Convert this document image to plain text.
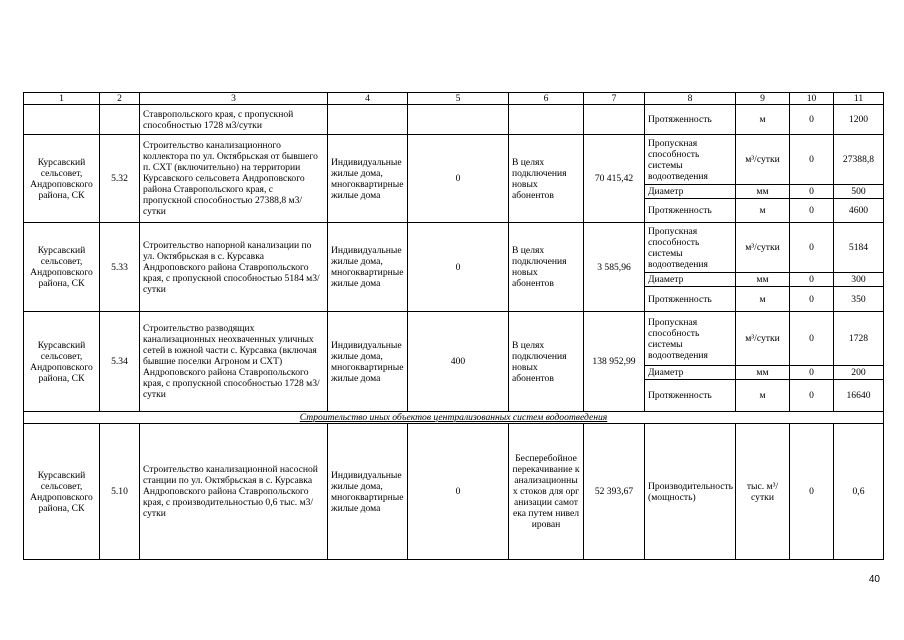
1	2	3	4	5	6	7	8	9	10	11
		Ставропольского края, с пропускной способностью 1728 м3/сутки					Протяженность	м	0	1200
Курсавский сельсовет, Андроповского района, СК	5.32	Строительство канализационного коллектора по ул. Октябрьская от бывшего п. СХТ (включительно) на территории Курсавского сельсовета Андроповского района Ставропольского края, с пропускной способностью 27388,8 м3/сутки	Индивидуальные жилые дома, многоквартирные жилые дома	0	В целях подключения новых абонентов	70 415,42	Пропускная способность системы водоотведения	м³/сутки	0	27388,8
							Диаметр	мм	0	500
							Протяженность	м	0	4600
Курсавский сельсовет, Андроповского района, СК	5.33	Строительство напорной канализации по ул. Октябрьская в с. Курсавка Андроповского района Ставропольского края, с пропускной способностью 5184 м3/сутки	Индивидуальные жилые дома, многоквартирные жилые дома	0	В целях подключения новых абонентов	3 585,96	Пропускная способность системы водоотведения	м³/сутки	0	5184
							Диаметр	мм	0	300
							Протяженность	м	0	350
Курсавский сельсовет, Андроповского района, СК	5.34	Строительство разводящих канализационных неохваченных уличных сетей в южной части с. Курсавка (включая бывшие поселки Агроном и СХТ) Андроповского района Ставропольского края, с пропускной способностью 1728 м3/сутки	Индивидуальные жилые дома, многоквартирные жилые дома	400	В целях подключения новых абонентов	138 952,99	Пропускная способность системы водоотведения	м³/сутки	0	1728
							Диаметр	мм	0	200
							Протяженность	м	0	16640
Строительство иных объектов централизованных систем водоотведения										
Курсавский сельсовет, Андроповского района, СК	5.10	Строительство канализационной насосной станции по ул. Октябрьская в с. Курсавка Андроповского района Ставропольского края, с производительностью 0,6 тыс. м3/сутки	Индивидуальные жилые дома, многоквартирные жилые дома	0	Бесперебойное перекачивание канализационных стоков для организации самотека путем нивелирован	52 393,67	Производительность (мощность)	тыс. м³/сутки	0	0,6
40
